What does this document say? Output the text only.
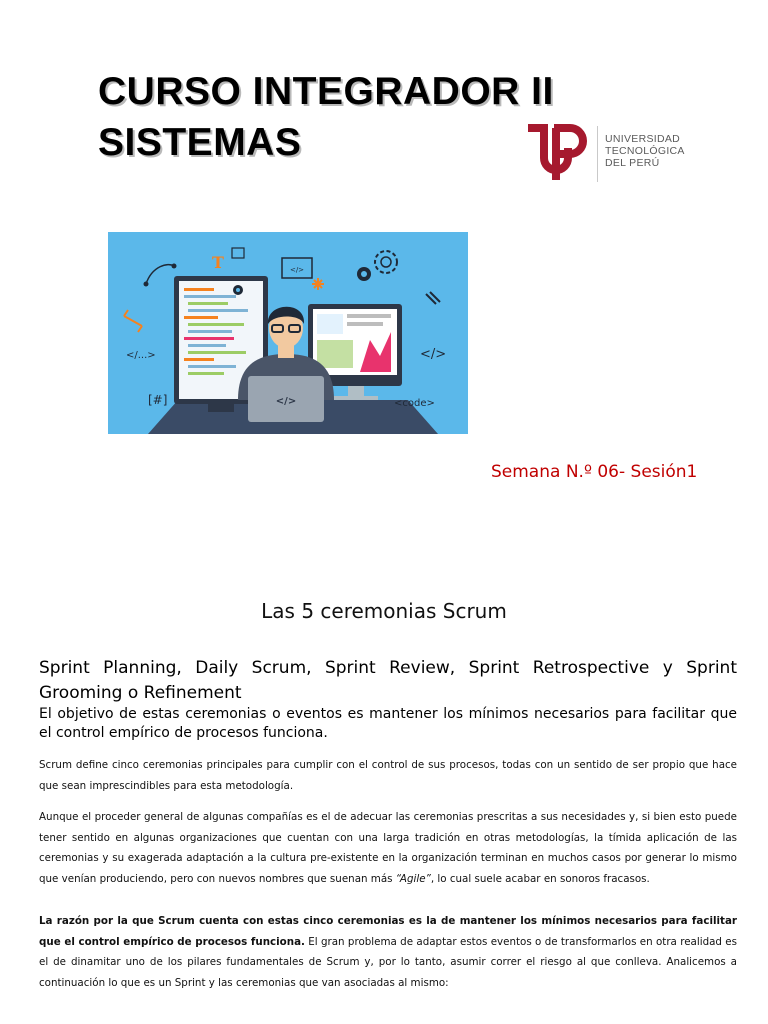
CURSO INTEGRADOR II
SISTEMAS	UNIVERSIDAD
TECNOLÓGICA
DEL PERÚ
</>
</...>	</>
[#]	<code>
T	</>

Semana N.º 06- Sesión1

Las 5 ceremonias Scrum
Sprint Planning, Daily Scrum, Sprint Review, Sprint Retrospective y Sprint Grooming o Refinement

El objetivo de estas ceremonias o eventos es mantener los mínimos necesarios para facilitar que el control empírico de procesos funciona.

Scrum define cinco ceremonias principales para cumplir con el control de sus procesos, todas con un sentido de ser propio que hace que sean imprescindibles para esta metodología.

Aunque el proceder general de algunas compañías es el de adecuar las ceremonias prescritas a sus necesidades y, si bien esto puede tener sentido en algunas organizaciones que cuentan con una larga tradición en otras metodologías, la tímida aplicación de las ceremonias y su exagerada adaptación a la cultura pre-existente en la organización terminan en muchos casos por generar lo mismo que venían produciendo, pero con nuevos nombres que suenan más “Agile”, lo cual suele acabar en sonoros fracasos.

La razón por la que Scrum cuenta con estas cinco ceremonias es la de mantener los mínimos necesarios para facilitar que el control empírico de procesos funciona. El gran problema de adaptar estos eventos o de transformarlos en otra realidad es el de dinamitar uno de los pilares fundamentales de Scrum y, por lo tanto, asumir correr el riesgo al que conlleva. Analicemos a continuación lo que es un Sprint y las ceremonias que van asociadas al mismo:
